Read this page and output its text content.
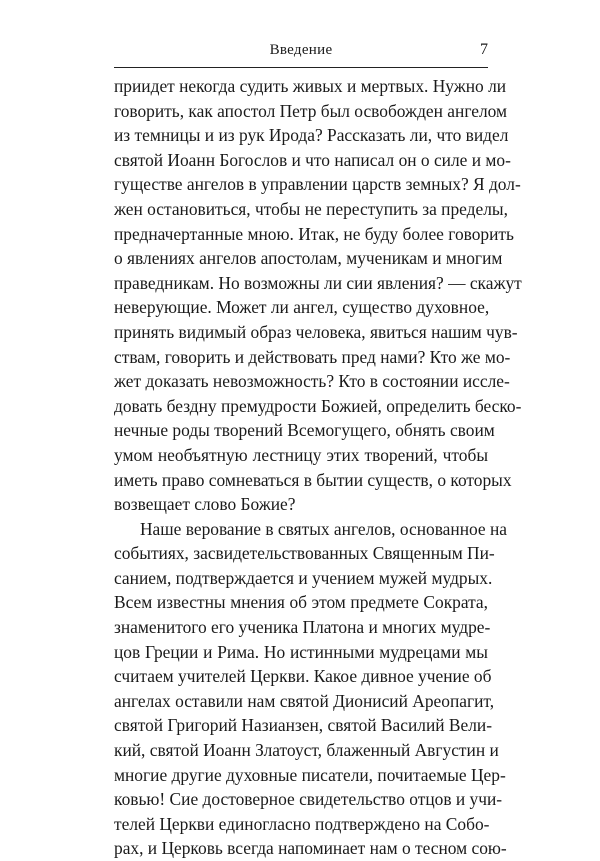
Введение	7
приидет некогда судить живых и мертвых. Нужно ли
говорить, как апостол Петр был освобожден ангелом
из темницы и из рук Ирода? Рассказать ли, что видел
святой Иоанн Богослов и что написал он о силе и мо-
гуществе ангелов в управлении царств земных? Я дол-
жен остановиться, чтобы не переступить за пределы,
предначертанные мною. Итак, не буду более говорить
о явлениях ангелов апостолам, мученикам и многим
праведникам. Но возможны ли сии явления? — скажут
неверующие. Может ли ангел, существо духовное,
принять видимый образ человека, явиться нашим чув-
ствам, говорить и действовать пред нами? Кто же мо-
жет доказать невозможность? Кто в состоянии иссле-
довать бездну премудрости Божией, определить беско-
нечные роды творений Всемогущего, обнять своим
умом необъятную лестницу этих творений, чтобы
иметь право сомневаться в бытии существ, о которых
возвещает слово Божие?
Наше верование в святых ангелов, основанное на
событиях, засвидетельствованных Священным Пи-
санием, подтверждается и учением мужей мудрых.
Всем известны мнения об этом предмете Сократа,
знаменитого его ученика Платона и многих мудре-
цов Греции и Рима. Но истинными мудрецами мы
считаем учителей Церкви. Какое дивное учение об
ангелах оставили нам святой Дионисий Ареопагит,
святой Григорий Назианзен, святой Василий Вели-
кий, святой Иоанн Златоуст, блаженный Августин и
многие другие духовные писатели, почитаемые Цер-
ковью! Сие достоверное свидетельство отцов и учи-
телей Церкви единогласно подтверждено на Собо-
рах, и Церковь всегда напоминает нам о тесном сою-
